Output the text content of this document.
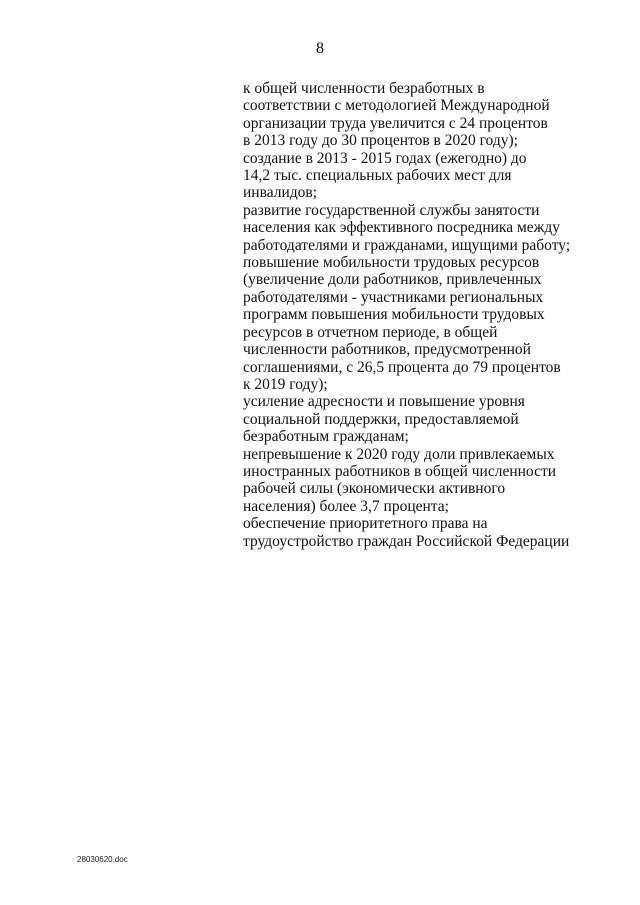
8
к общей численности безработных в
соответствии с методологией Международной
организации труда увеличится с 24 процентов
в 2013 году до 30 процентов в 2020 году);
создание в 2013 - 2015 годах (ежегодно) до
14,2 тыс. специальных рабочих мест для
инвалидов;
развитие государственной службы занятости
населения как эффективного посредника между
работодателями и гражданами, ищущими работу;
повышение мобильности трудовых ресурсов
(увеличение доли работников, привлеченных
работодателями - участниками региональных
программ повышения мобильности трудовых
ресурсов в отчетном периоде, в общей
численности работников, предусмотренной
соглашениями, с 26,5 процента до 79 процентов
к 2019 году);
усиление адресности и повышение уровня
социальной поддержки, предоставляемой
безработным гражданам;
непревышение к 2020 году доли привлекаемых
иностранных работников в общей численности
рабочей силы (экономически активного
населения) более 3,7 процента;
обеспечение приоритетного права на
трудоустройство граждан Российской Федерации
28030620.doc
